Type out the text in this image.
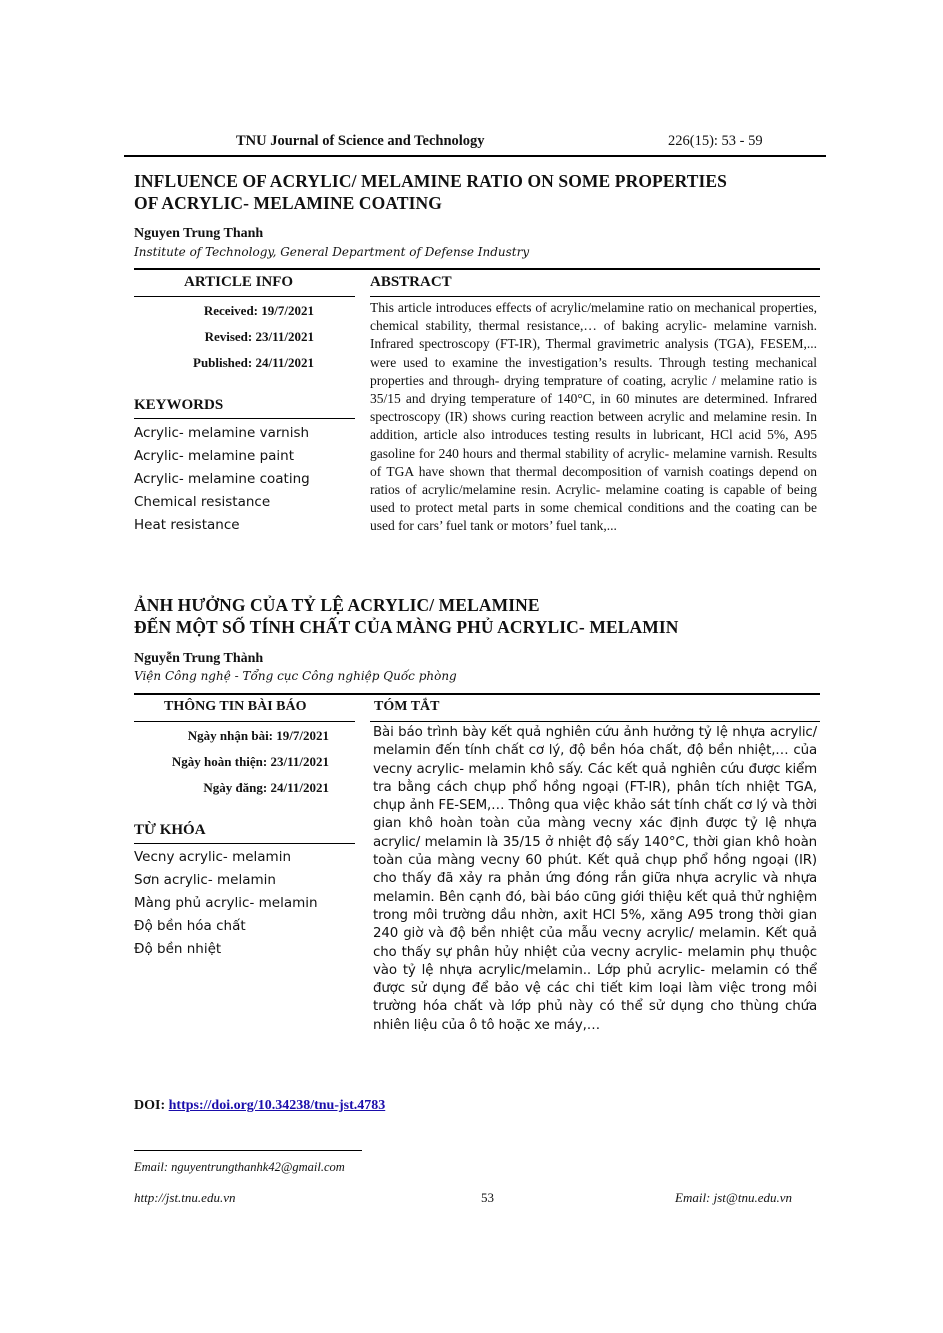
TNU Journal of Science and Technology	226(15): 53 - 59
INFLUENCE OF ACRYLIC/ MELAMINE RATIO ON SOME PROPERTIES
OF ACRYLIC- MELAMINE COATING
Nguyen Trung Thanh
Institute of Technology, General Department of Defense Industry
ARTICLE INFO	ABSTRACT
Received: 19/7/2021
Revised: 23/11/2021
Published: 24/11/2021
KEYWORDS
Acrylic- melamine varnish
Acrylic- melamine paint
Acrylic- melamine coating
Chemical resistance
Heat resistance
This article introduces effects of acrylic/melamine ratio on mechanical properties, chemical stability, thermal resistance,… of baking acrylic- melamine varnish. Infrared spectroscopy (FT-IR), Thermal gravimetric analysis (TGA), FESEM,... were used to examine the investigation’s results. Through testing mechanical properties and through- drying temprature of coating, acrylic / melamine ratio is 35/15 and drying temperature of 140°C, in 60 minutes are determined. Infrared spectroscopy (IR) shows curing reaction between acrylic and melamine resin. In addition, article also introduces testing results in lubricant, HCl acid 5%, A95 gasoline for 240 hours and thermal stability of acrylic- melamine varnish. Results of TGA have shown that thermal decomposition of varnish coatings depend on ratios of acrylic/melamine resin. Acrylic- melamine coating is capable of being used to protect metal parts in some chemical conditions and the coating can be used for cars’ fuel tank or motors’ fuel tank,...
ẢNH HƯỞNG CỦA TỶ LỆ ACRYLIC/ MELAMINE
ĐẾN MỘT SỐ TÍNH CHẤT CỦA MÀNG PHỦ ACRYLIC- MELAMIN
Nguyễn Trung Thành
Viện Công nghệ - Tổng cục Công nghiệp Quốc phòng
THÔNG TIN BÀI BÁO	TÓM TẮT
Ngày nhận bài: 19/7/2021
Ngày hoàn thiện: 23/11/2021
Ngày đăng: 24/11/2021
TỪ KHÓA
Vecny acrylic- melamin
Sơn acrylic- melamin
Màng phủ acrylic- melamin
Độ bền hóa chất
Độ bền nhiệt
Bài báo trình bày kết quả nghiên cứu ảnh hưởng tỷ lệ nhựa acrylic/ melamin đến tính chất cơ lý, độ bền hóa chất, độ bền nhiệt,… của vecny acrylic- melamin khô sấy. Các kết quả nghiên cứu được kiểm tra bằng cách chụp phổ hồng ngoại (FT-IR), phân tích nhiệt TGA, chụp ảnh FE-SEM,… Thông qua việc khảo sát tính chất cơ lý và thời gian khô hoàn toàn của màng vecny xác định được tỷ lệ nhựa acrylic/ melamin là 35/15 ở nhiệt độ sấy 140°C, thời gian khô hoàn toàn của màng vecny 60 phút. Kết quả chụp phổ hồng ngoại (IR) cho thấy đã xảy ra phản ứng đóng rắn giữa nhựa acrylic và nhựa melamin. Bên cạnh đó, bài báo cũng giới thiệu kết quả thử nghiệm trong môi trường dầu nhờn, axit HCl 5%, xăng A95 trong thời gian 240 giờ và độ bền nhiệt của mẫu vecny acrylic/ melamin. Kết quả cho thấy sự phân hủy nhiệt của vecny acrylic- melamin phụ thuộc vào tỷ lệ nhựa acrylic/melamin.. Lớp phủ acrylic- melamin có thể được sử dụng để bảo vệ các chi tiết kim loại làm việc trong môi trường hóa chất và lớp phủ này có thể sử dụng cho thùng chứa nhiên liệu của ô tô hoặc xe máy,…
DOI: https://doi.org/10.34238/tnu-jst.4783
Email: nguyentrungthanhk42@gmail.com
http://jst.tnu.edu.vn	53	Email: jst@tnu.edu.vn
